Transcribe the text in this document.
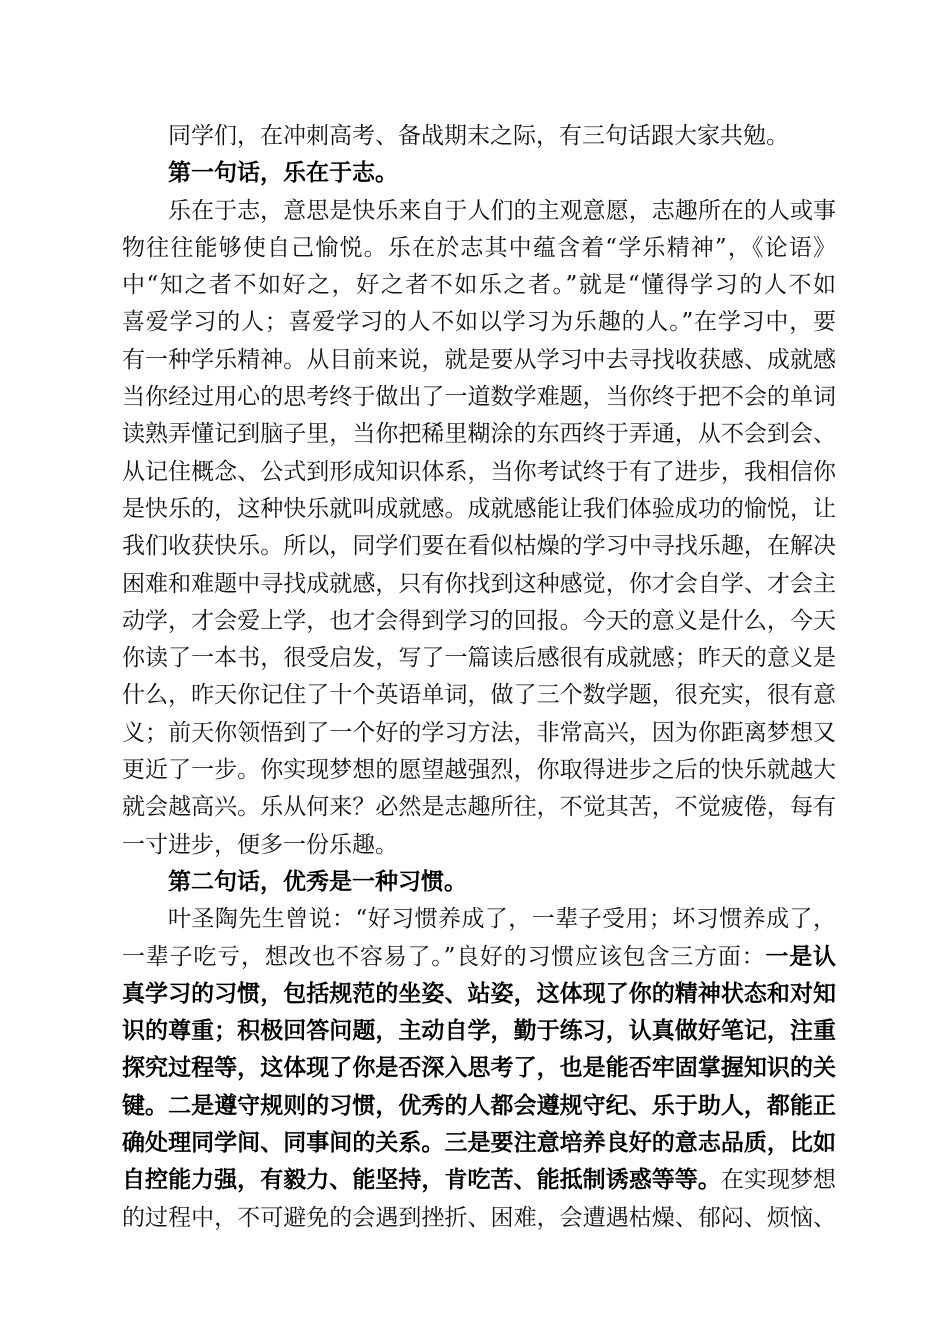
同学们，在冲刺高考、备战期末之际，有三句话跟大家共勉。
第一句话，乐在于志。
乐在于志，意思是快乐来自于人们的主观意愿，志趣所在的人或事
物往往能够使自己愉悦。乐在於志其中蕴含着“学乐精神”，《论语》
中“知之者不如好之，好之者不如乐之者。”就是“懂得学习的人不如
喜爱学习的人；喜爱学习的人不如以学习为乐趣的人。”在学习中，要
有一种学乐精神。从目前来说，就是要从学习中去寻找收获感、成就感
当你经过用心的思考终于做出了一道数学难题，当你终于把不会的单词
读熟弄懂记到脑子里，当你把稀里糊涂的东西终于弄通，从不会到会、
从记住概念、公式到形成知识体系，当你考试终于有了进步，我相信你
是快乐的，这种快乐就叫成就感。成就感能让我们体验成功的愉悦，让
我们收获快乐。所以，同学们要在看似枯燥的学习中寻找乐趣，在解决
困难和难题中寻找成就感，只有你找到这种感觉，你才会自学、才会主
动学，才会爱上学，也才会得到学习的回报。今天的意义是什么，今天
你读了一本书，很受启发，写了一篇读后感很有成就感；昨天的意义是
什么，昨天你记住了十个英语单词，做了三个数学题，很充实，很有意
义；前天你领悟到了一个好的学习方法，非常高兴，因为你距离梦想又
更近了一步。你实现梦想的愿望越强烈，你取得进步之后的快乐就越大
就会越高兴。乐从何来？必然是志趣所往，不觉其苦，不觉疲倦，每有
一寸进步，便多一份乐趣。
第二句话，优秀是一种习惯。
叶圣陶先生曾说：“好习惯养成了，一辈子受用；坏习惯养成了，
一辈子吃亏，想改也不容易了。”良好的习惯应该包含三方面：一是认
真学习的习惯，包括规范的坐姿、站姿，这体现了你的精神状态和对知
识的尊重；积极回答问题，主动自学，勤于练习，认真做好笔记，注重
探究过程等，这体现了你是否深入思考了，也是能否牢固掌握知识的关
键。二是遵守规则的习惯，优秀的人都会遵规守纪、乐于助人，都能正
确处理同学间、同事间的关系。三是要注意培养良好的意志品质，比如
自控能力强，有毅力、能坚持，肯吃苦、能抵制诱惑等等。在实现梦想
的过程中，不可避免的会遇到挫折、困难，会遭遇枯燥、郁闷、烦恼、
